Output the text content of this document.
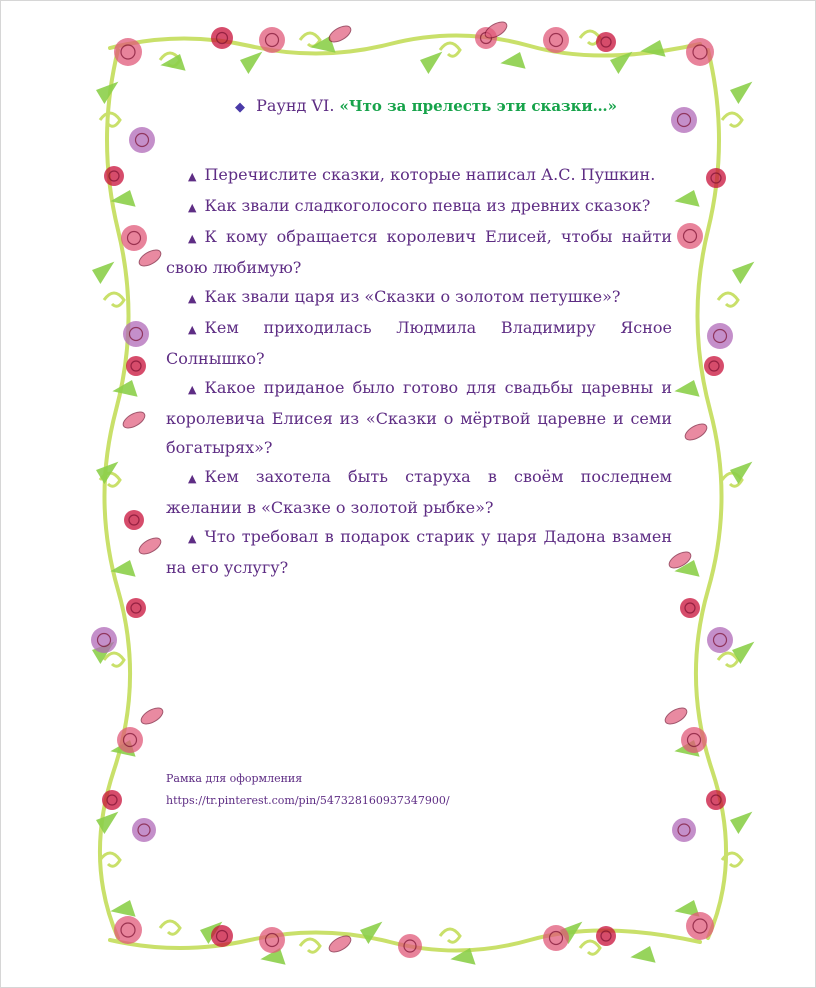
◆ Раунд VI. «Что за прелесть эти сказки…»

▲ Перечислите сказки, которые написал А.С. Пушкин.

▲ Как звали сладкоголосого певца из древних сказок?

▲ К кому обращается королевич Елисей, чтобы найти свою любимую?

▲ Как звали царя из «Сказки о золотом петушке»?

▲ Кем приходилась Людмила Владимиру Ясное Солнышко?

▲ Какое приданое было готово для свадьбы царевны и королевича Елисея из «Сказки о мёртвой царевне и семи богатырях»?

▲ Кем захотела быть старуха в своём последнем желании в «Сказке о золотой рыбке»?

▲ Что требовал в подарок старик у царя Дадона взамен на его услугу?

Рамка для оформления
https://tr.pinterest.com/pin/547328160937347900/
